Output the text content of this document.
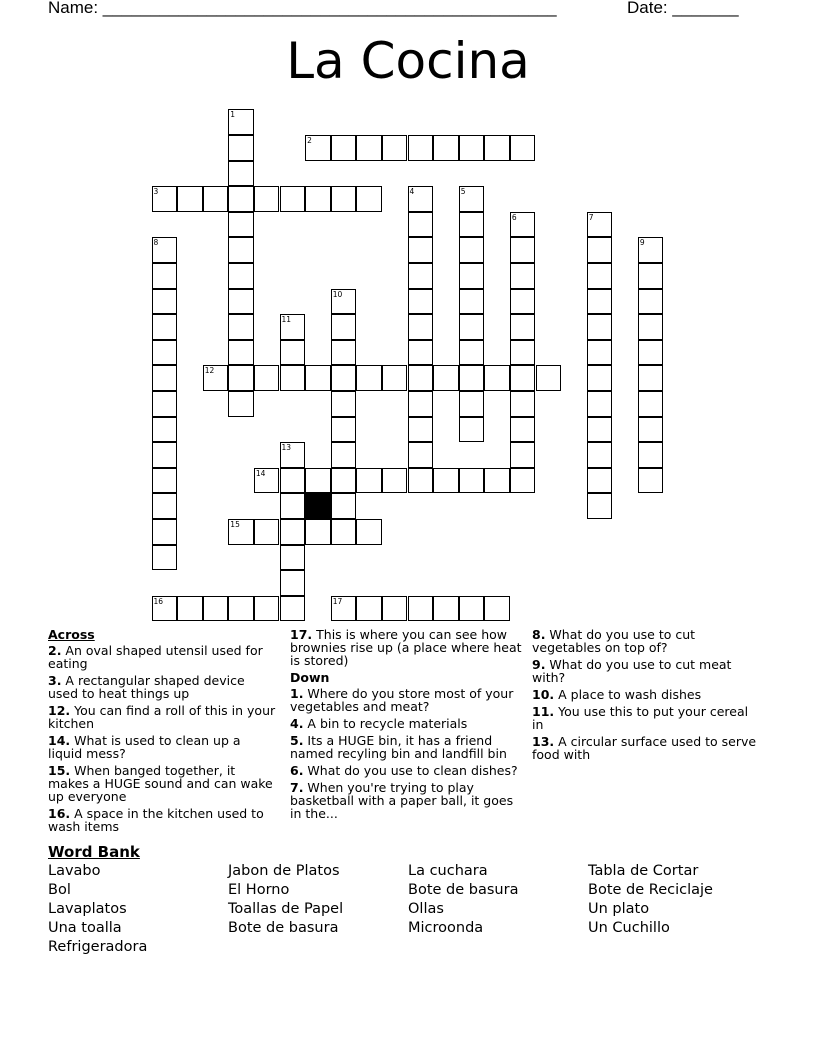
Name: ________________________________________________	Date: _______
La Cocina
1
2
3	4	5
6	7
8	9
10
11
12
13
14
15
16	17
Across
2. An oval shaped utensil used for eating
3. A rectangular shaped device used to heat things up
12. You can find a roll of this in your kitchen
14. What is used to clean up a liquid mess?
15. When banged together, it makes a HUGE sound and can wake up everyone
16. A space in the kitchen used to wash items
17. This is where you can see how brownies rise up (a place where heat is stored)
Down
1. Where do you store most of your vegetables and meat?
4. A bin to recycle materials
5. Its a HUGE bin, it has a friend named recyling bin and landfill bin
6. What do you use to clean dishes?
7. When you're trying to play basketball with a paper ball, it goes in the...
8. What do you use to cut vegetables on top of?
9. What do you use to cut meat with?
10. A place to wash dishes
11. You use this to put your cereal in
13. A circular surface used to serve food with
Word Bank
Lavabo
Bol
Lavaplatos
Una toalla
Refrigeradora
Jabon de Platos
El Horno
Toallas de Papel
Bote de basura
La cuchara
Bote de basura
Ollas
Microonda
Tabla de Cortar
Bote de Reciclaje
Un plato
Un Cuchillo
